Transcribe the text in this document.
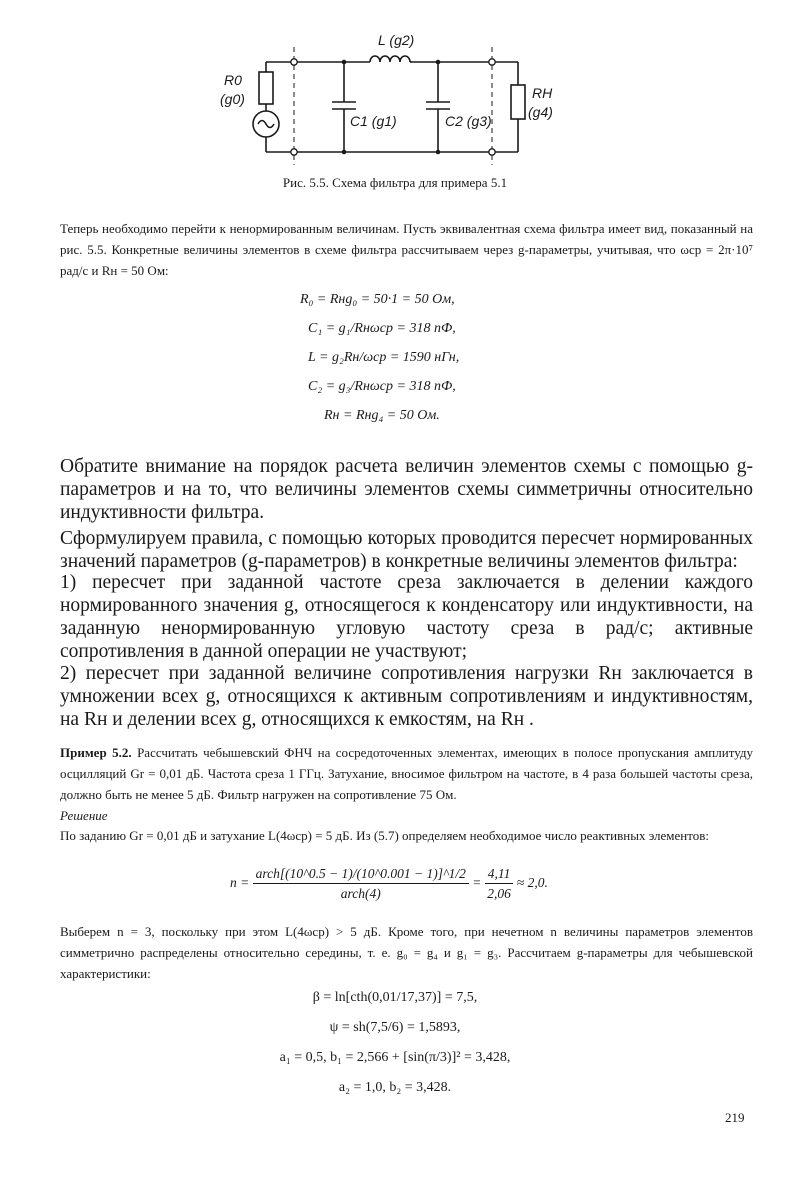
R0
(g0)
L (g2)
C1 (g1)	C2 (g3)
RH
(g4)
Рис. 5.5. Схема фильтра для примера 5.1
Теперь необходимо перейти к ненормированным величинам. Пусть эквивалентная схема фильтра имеет вид, показанный на рис. 5.5. Конкретные величины элементов в схеме фильтра рассчитываем через g-параметры, учитывая, что ωср = 2π·10⁷ рад/с и Rн = 50 Ом:
R₀ = Rнg₀ = 50·1 = 50 Ом,
C₁ = g₁/Rнωср = 318 пФ,
L = g₂Rн/ωср = 1590 нГн,
C₂ = g₃/Rнωср = 318 пФ,
Rн = Rнg₄ = 50 Ом.
Обратите внимание на порядок расчета величин элементов схемы с помощью g-параметров и на то, что величины элементов схемы симметричны относительно индуктивности фильтра.
Сформулируем правила, с помощью которых проводится пересчет нормированных значений параметров (g-параметров) в конкретные величины элементов фильтра:
1) пересчет при заданной частоте среза заключается в делении каждого нормированного значения g, относящегося к конденсатору или индуктивности, на заданную ненормированную угловую частоту среза в рад/с; активные сопротивления в данной операции не участвуют;
2) пересчет при заданной величине сопротивления нагрузки Rн заключается в умножении всех g, относящихся к активным сопротивлениям и индуктивностям, на Rн и делении всех g, относящихся к емкостям, на Rн .
Пример 5.2. Рассчитать чебышевский ФНЧ на сосредоточенных элементах, имеющих в полосе пропускания амплитуду осцилляций Gr = 0,01 дБ. Частота среза 1 ГГц. Затухание, вносимое фильтром на частоте, в 4 раза большей частоты среза, должно быть не менее 5 дБ. Фильтр нагружен на сопротивление 75 Ом.
Решение
По заданию Gr = 0,01 дБ и затухание L(4ωср) = 5 дБ. Из (5.7) определяем необходимое число реактивных элементов:
$n = \frac{\text{arch[(10\textasciicircum{}0.5 − 1)/(10\textasciicircum{}0.001 − 1)]\textasciicircum{}1/2}}{\text{arch(4)}} = \frac{4,11}{2,06} \approx 2,0$.
Выберем n = 3, поскольку при этом L(4ωср) > 5 дБ. Кроме того, при нечетном n величины параметров элементов симметрично распределены относительно середины, т. е. g₀ = g₄ и g₁ = g₃. Рассчитаем g-параметры для чебышевской характеристики:
β = ln[cth(0,01/17,37)] = 7,5,
ψ = sh(7,5/6) = 1,5893,
a₁ = 0,5, b₁ = 2,566 + [sin(π/3)]² = 3,428,
a₂ = 1,0, b₂ = 3,428.
219
